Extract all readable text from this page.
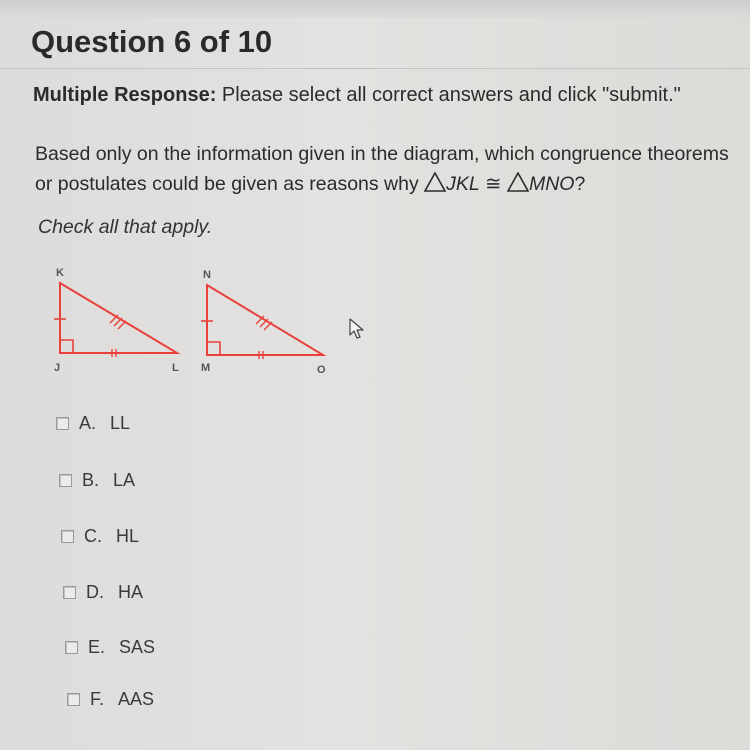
Question 6 of 10
Multiple Response: Please select all correct answers and click "submit."
Based only on the information given in the diagram, which congruence theorems
or postulates could be given as reasons why JKL ≅ MNO?
Check all that apply.
K
J	L
N
M	O
A. LL
B. LA
C. HL
D. HA
E. SAS
F. AAS
